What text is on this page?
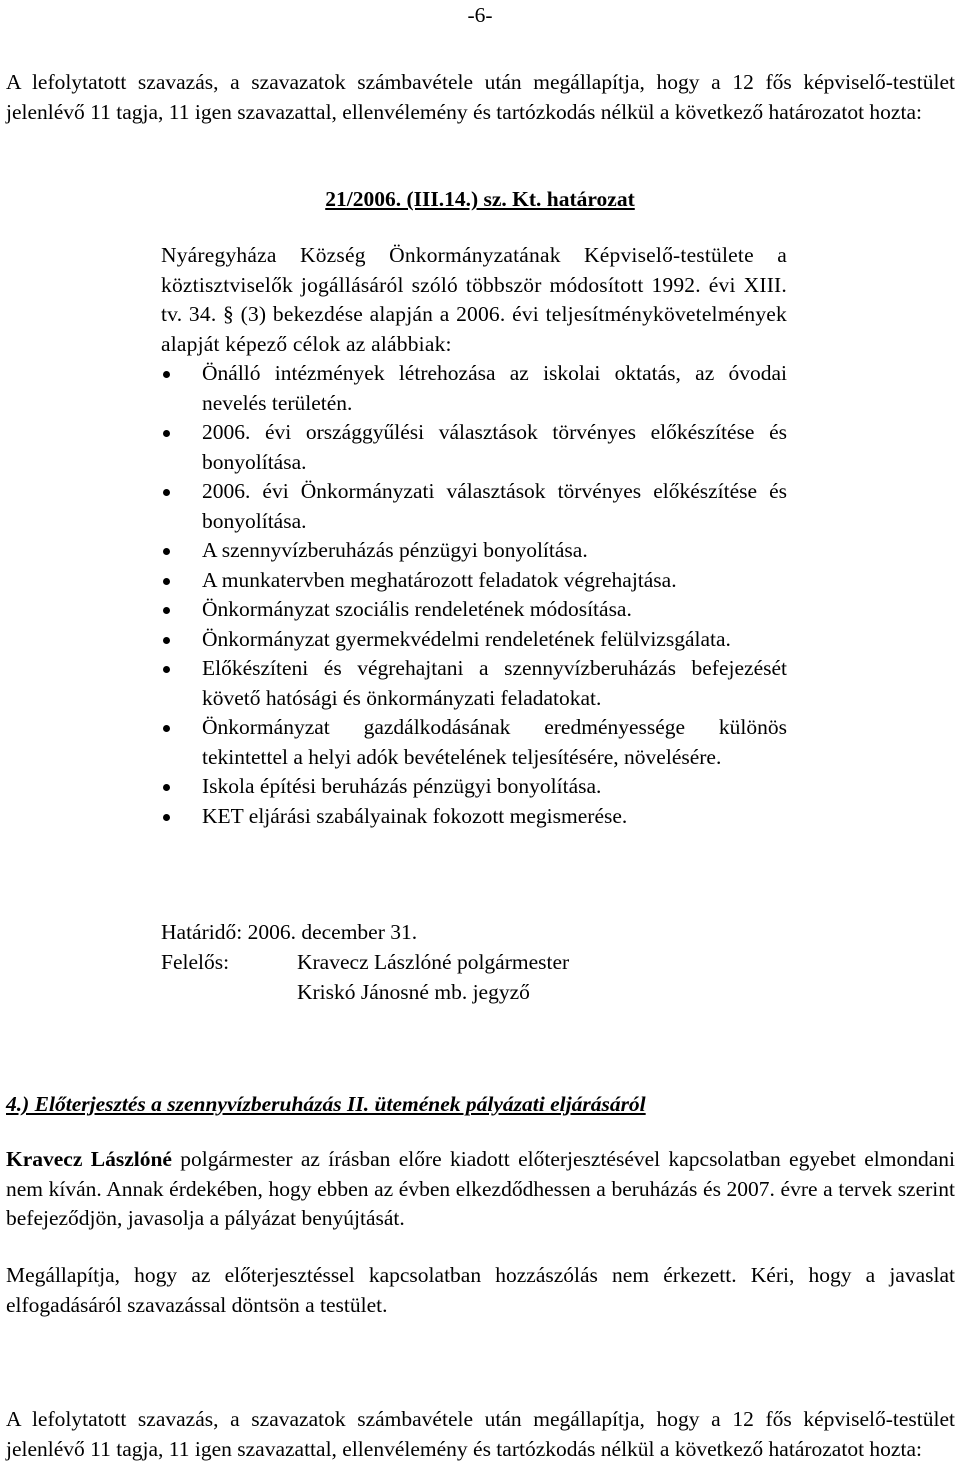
-6-

A lefolytatott szavazás, a szavazatok számbavétele után megállapítja, hogy a 12 fős képviselő-testület jelenlévő 11 tagja, 11 igen szavazattal, ellenvélemény és tartózkodás nélkül a következő határozatot hozta:

21/2006. (III.14.) sz. Kt. határozat

Nyáregyháza Község Önkormányzatának Képviselő-testülete a köztisztviselők jogállásáról szóló többször módosított 1992. évi XIII. tv. 34. § (3) bekezdése alapján a 2006. évi teljesítménykövetelmények alapját képező célok az alábbiak:

Önálló intézmények létrehozása az iskolai oktatás, az óvodai nevelés területén.
2006. évi országgyűlési választások törvényes előkészítése és bonyolítása.
2006. évi Önkormányzati választások törvényes előkészítése és bonyolítása.
A szennyvízberuházás pénzügyi bonyolítása.
A munkatervben meghatározott feladatok végrehajtása.
Önkormányzat szociális rendeletének módosítása.
Önkormányzat gyermekvédelmi rendeletének felülvizsgálata.
Előkészíteni és végrehajtani a szennyvízberuházás befejezését követő hatósági és önkormányzati feladatokat.
Önkormányzat gazdálkodásának eredményessége különös tekintettel a helyi adók bevételének teljesítésére, növelésére.
Iskola építési beruházás pénzügyi bonyolítása.
KET eljárási szabályainak fokozott megismerése.
Határidő: 2006. december 31.
Felelős:	Kravecz Lászlóné polgármester
Kriskó Jánosné mb. jegyző

4.) Előterjesztés a szennyvízberuházás II. ütemének pályázati eljárásáról

Kravecz Lászlóné polgármester az írásban előre kiadott előterjesztésével kapcsolatban egyebet elmondani nem kíván. Annak érdekében, hogy ebben az évben elkezdődhessen a beruházás és 2007. évre a tervek szerint befejeződjön, javasolja a pályázat benyújtását.

Megállapítja, hogy az előterjesztéssel kapcsolatban hozzászólás nem érkezett. Kéri, hogy a javaslat elfogadásáról szavazással döntsön a testület.

A lefolytatott szavazás, a szavazatok számbavétele után megállapítja, hogy a 12 fős képviselő-testület jelenlévő 11 tagja, 11 igen szavazattal, ellenvélemény és tartózkodás nélkül a következő határozatot hozta:
